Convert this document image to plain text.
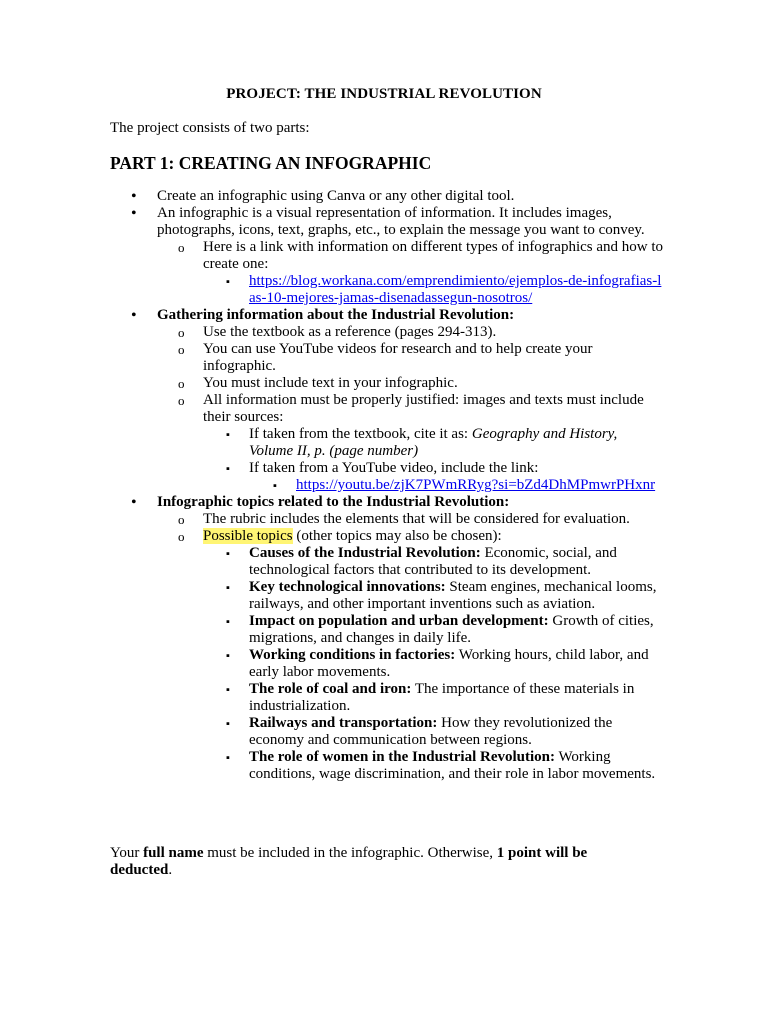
PROJECT: THE INDUSTRIAL REVOLUTION
The project consists of two parts:
PART 1: CREATING AN INFOGRAPHIC
• Create an infographic using Canva or any other digital tool.
• An infographic is a visual representation of information. It includes images, photographs, icons, text, graphs, etc., to explain the message you want to convey.
o Here is a link with information on different types of infographics and how to create one:
▪ https://blog.workana.com/emprendimiento/ejemplos-de-infografias-las-10-mejores-jamas-disenadassegun-nosotros/
• Gathering information about the Industrial Revolution:
o Use the textbook as a reference (pages 294-313).
o You can use YouTube videos for research and to help create your infographic.
o You must include text in your infographic.
o All information must be properly justified: images and texts must include their sources:
▪ If taken from the textbook, cite it as: Geography and History, Volume II, p. (page number)
▪ If taken from a YouTube video, include the link:
▪ https://youtu.be/zjK7PWmRRyg?si=bZd4DhMPmwrPHxnr
• Infographic topics related to the Industrial Revolution:
o The rubric includes the elements that will be considered for evaluation.
o Possible topics (other topics may also be chosen):
▪ Causes of the Industrial Revolution: Economic, social, and technological factors that contributed to its development.
▪ Key technological innovations: Steam engines, mechanical looms, railways, and other important inventions such as aviation.
▪ Impact on population and urban development: Growth of cities, migrations, and changes in daily life.
▪ Working conditions in factories: Working hours, child labor, and early labor movements.
▪ The role of coal and iron: The importance of these materials in industrialization.
▪ Railways and transportation: How they revolutionized the economy and communication between regions.
▪ The role of women in the Industrial Revolution: Working conditions, wage discrimination, and their role in labor movements.
Your full name must be included in the infographic. Otherwise, 1 point will be deducted.
